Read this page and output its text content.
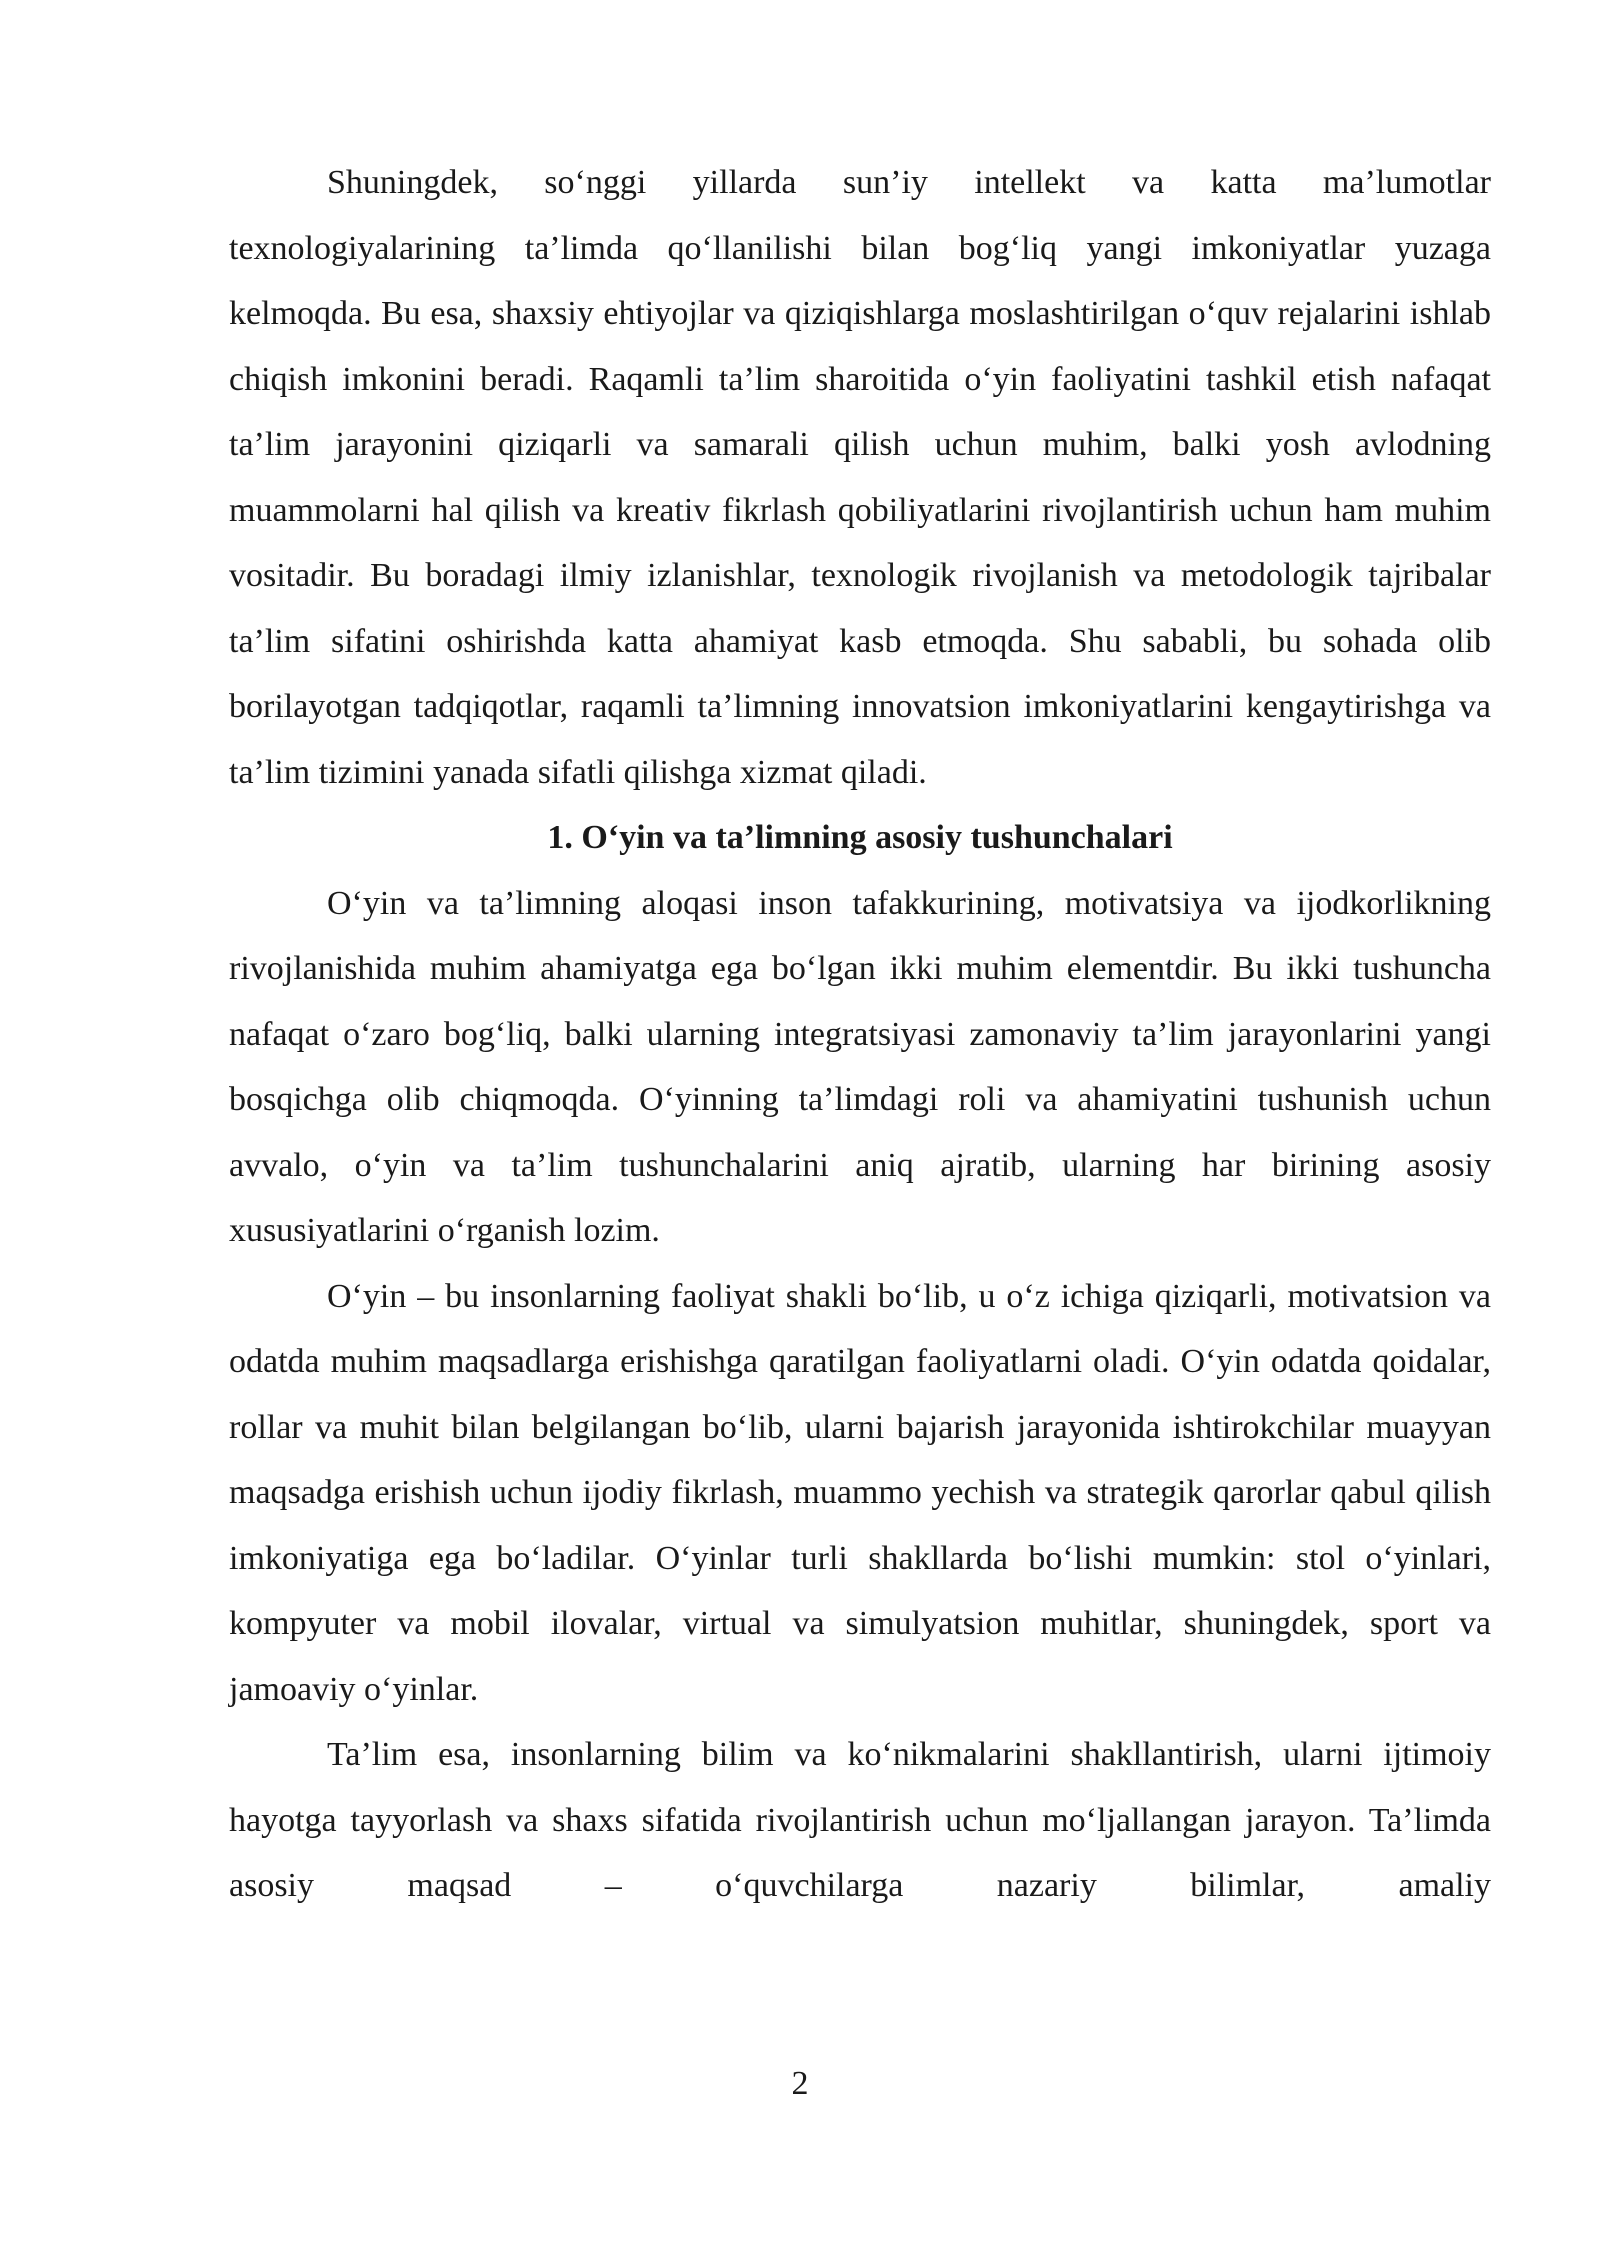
Shuningdek, so‘nggi yillarda sun’iy intellekt va katta ma’lumotlar texnologiyalarining ta’limda qo‘llanilishi bilan bog‘liq yangi imkoniyatlar yuzaga kelmoqda. Bu esa, shaxsiy ehtiyojlar va qiziqishlarga moslashtirilgan o‘quv rejalarini ishlab chiqish imkonini beradi. Raqamli ta’lim sharoitida o‘yin faoliyatini tashkil etish nafaqat ta’lim jarayonini qiziqarli va samarali qilish uchun muhim, balki yosh avlodning muammolarni hal qilish va kreativ fikrlash qobiliyatlarini rivojlantirish uchun ham muhim vositadir. Bu boradagi ilmiy izlanishlar, texnologik rivojlanish va metodologik tajribalar ta’lim sifatini oshirishda katta ahamiyat kasb etmoqda. Shu sababli, bu sohada olib borilayotgan tadqiqotlar, raqamli ta’limning innovatsion imkoniyatlarini kengaytirishga va ta’lim tizimini yanada sifatli qilishga xizmat qiladi.

1. O‘yin va ta’limning asosiy tushunchalari

O‘yin va ta’limning aloqasi inson tafakkurining, motivatsiya va ijodkorlikning rivojlanishida muhim ahamiyatga ega bo‘lgan ikki muhim elementdir. Bu ikki tushuncha nafaqat o‘zaro bog‘liq, balki ularning integratsiyasi zamonaviy ta’lim jarayonlarini yangi bosqichga olib chiqmoqda. O‘yinning ta’limdagi roli va ahamiyatini tushunish uchun avvalo, o‘yin va ta’lim tushunchalarini aniq ajratib, ularning har birining asosiy xususiyatlarini o‘rganish lozim.

O‘yin – bu insonlarning faoliyat shakli bo‘lib, u o‘z ichiga qiziqarli, motivatsion va odatda muhim maqsadlarga erishishga qaratilgan faoliyatlarni oladi. O‘yin odatda qoidalar, rollar va muhit bilan belgilangan bo‘lib, ularni bajarish jarayonida ishtirokchilar muayyan maqsadga erishish uchun ijodiy fikrlash, muammo yechish va strategik qarorlar qabul qilish imkoniyatiga ega bo‘ladilar. O‘yinlar turli shakllarda bo‘lishi mumkin: stol o‘yinlari, kompyuter va mobil ilovalar, virtual va simulyatsion muhitlar, shuningdek, sport va jamoaviy o‘yinlar.

Ta’lim esa, insonlarning bilim va ko‘nikmalarini shakllantirish, ularni ijtimoiy hayotga tayyorlash va shaxs sifatida rivojlantirish uchun mo‘ljallangan jarayon. Ta’limda asosiy maqsad – o‘quvchilarga nazariy bilimlar, amaliy

2
